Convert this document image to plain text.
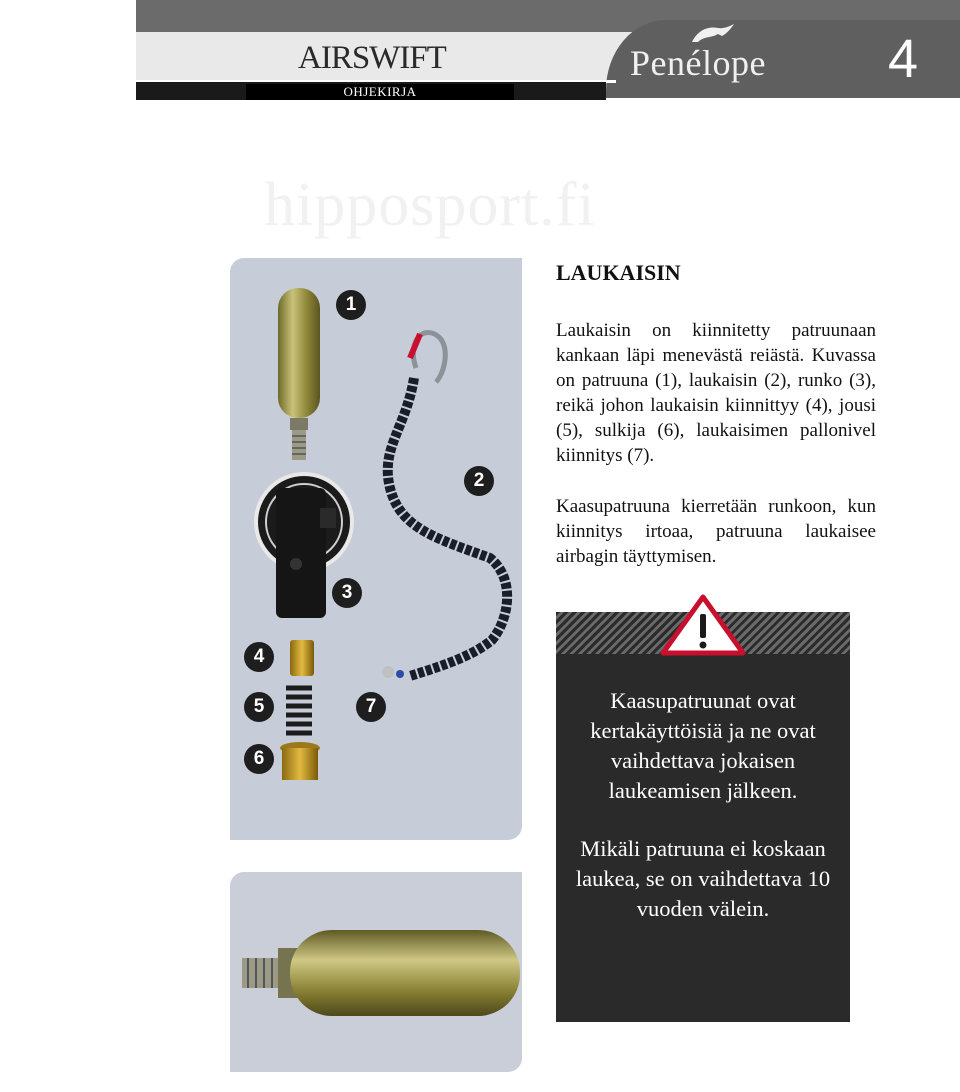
AIRSWIFT
OHJEKIRJA
Penélope	4
hipposport.fi
1
2
3
4
5
6
7
LAUKAISIN
Laukaisin on kiinnitetty patruunaan kankaan läpi menevästä reiästä. Kuvassa on patruuna (1), laukaisin (2), runko (3), reikä johon laukaisin kiinnittyy (4), jousi (5), sulkija (6), laukaisimen pallonivel kiinnitys (7).
Kaasupatruuna kierretään runkoon, kun kiinnitys irtoaa, patruuna laukaisee airbagin täyttymisen.
Kaasupatruunat ovat kertakäyttöisiä ja ne ovat vaihdettava jokaisen laukeamisen jälkeen.
Mikäli patruuna ei koskaan laukea, se on vaihdettava 10 vuoden välein.
